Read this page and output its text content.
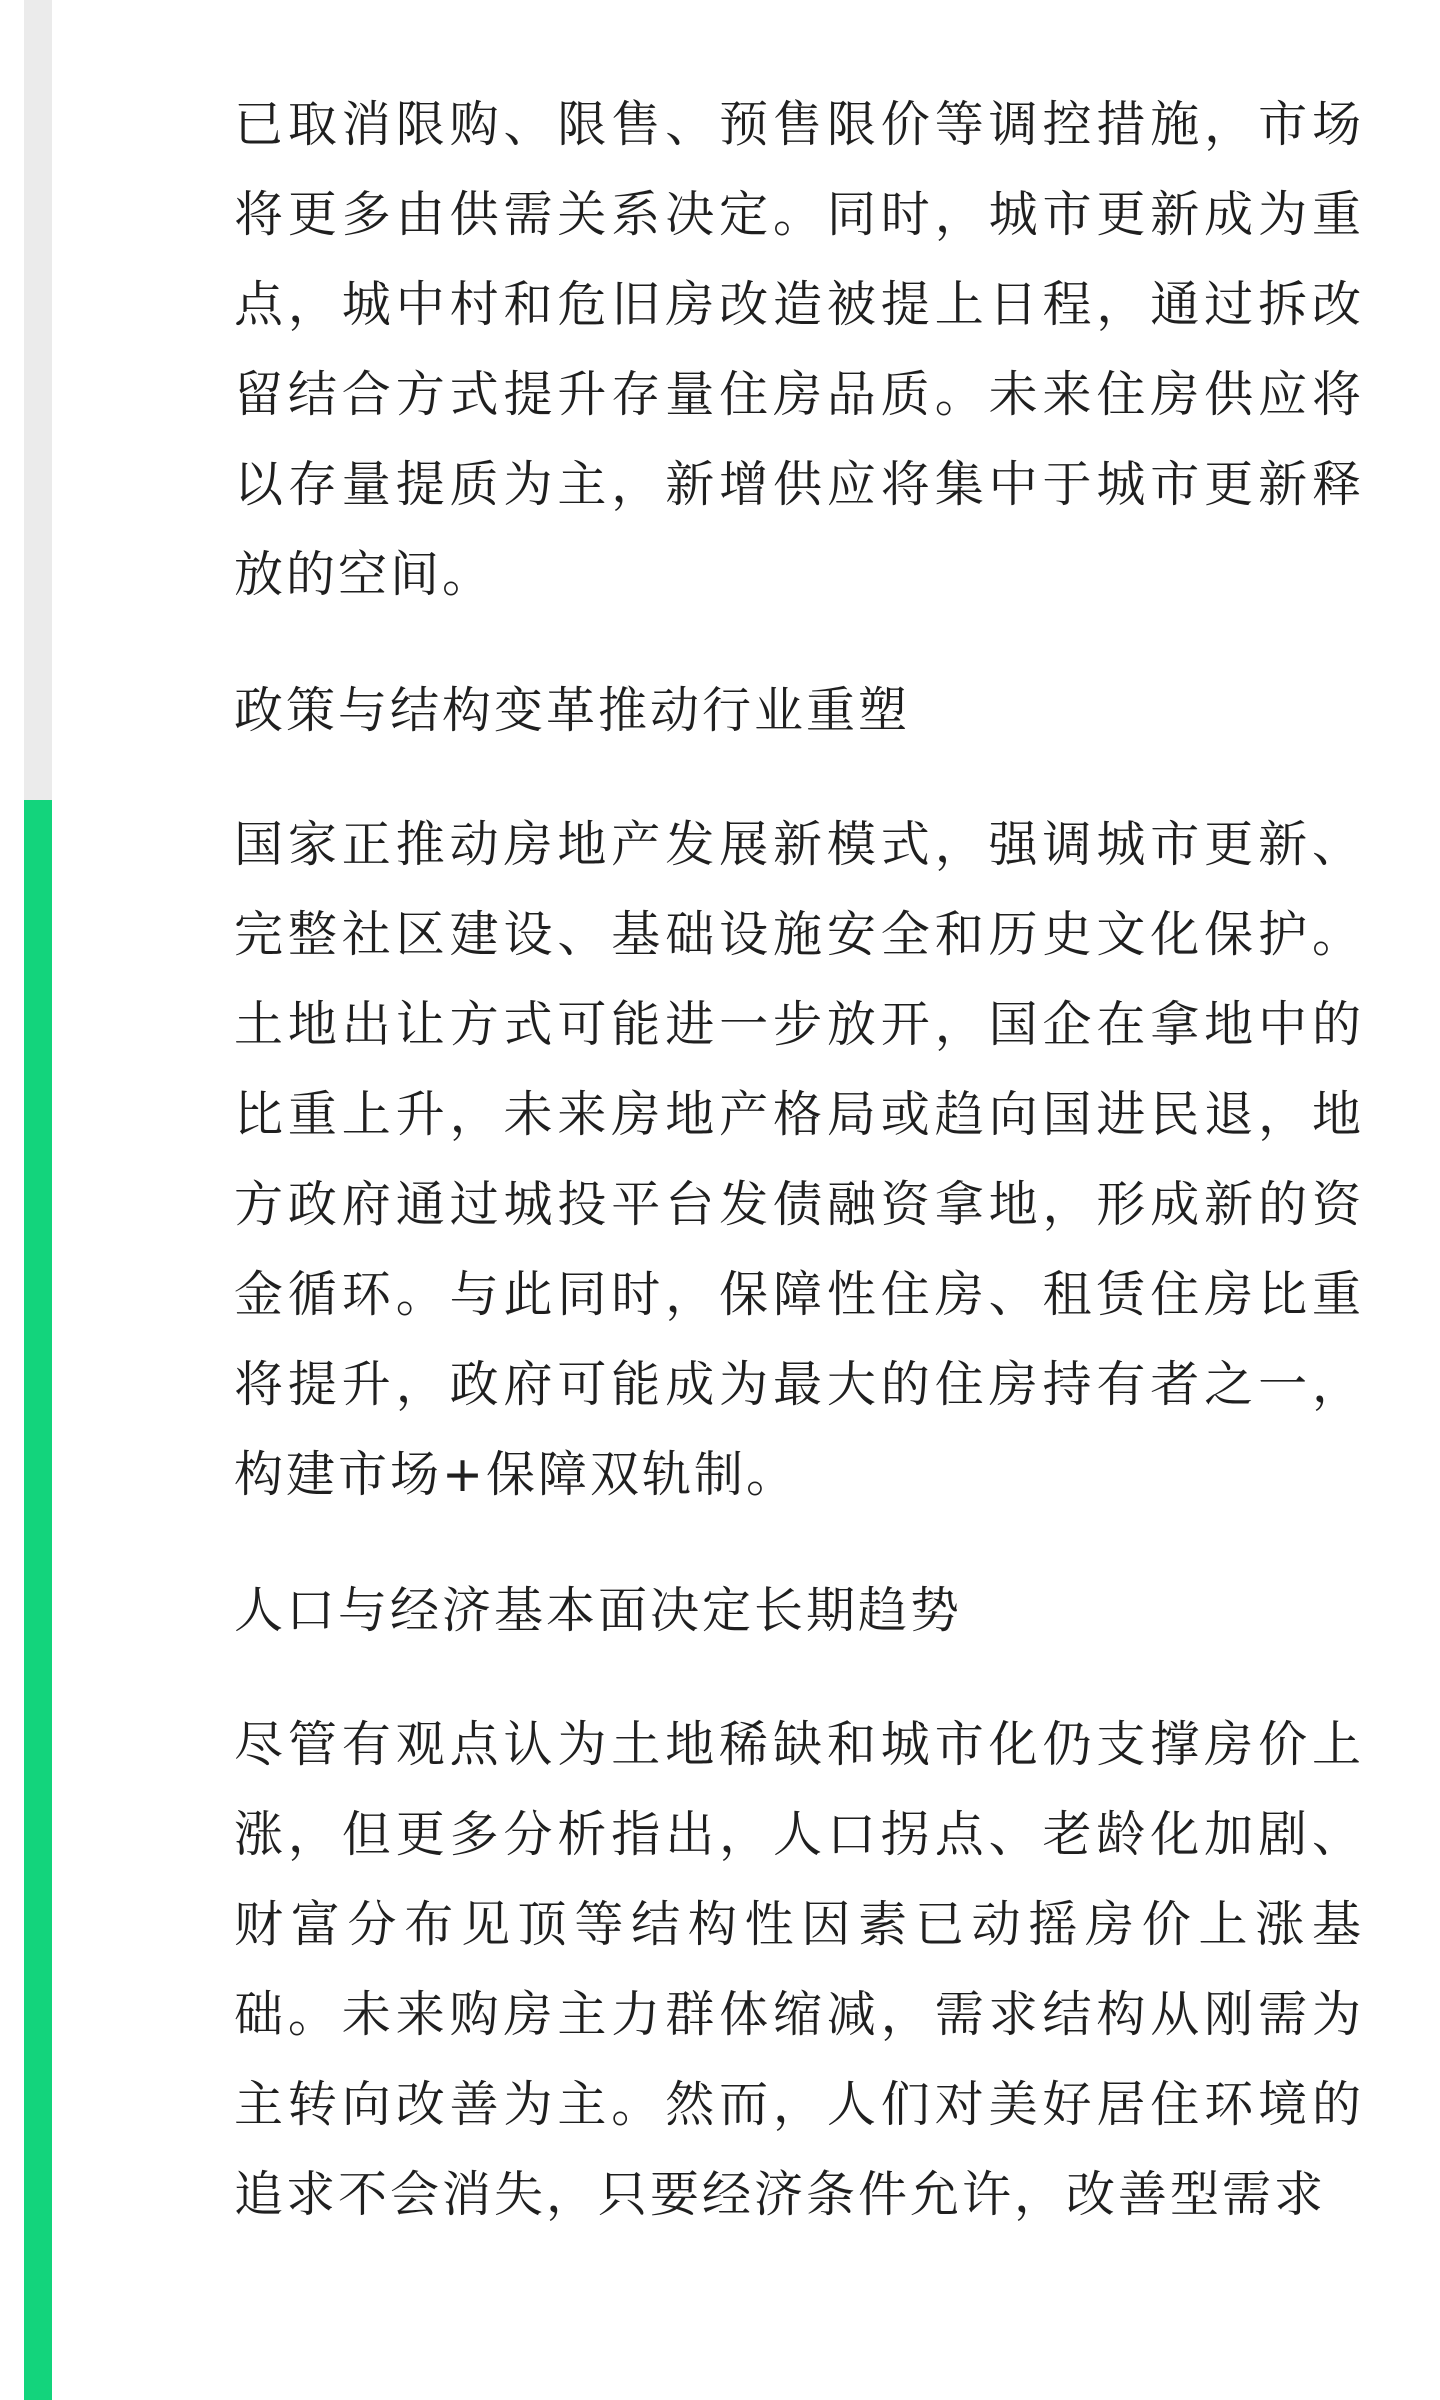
已取消限购、限售、预售限价等调控措施，市场将更多由供需关系决定。同时，城市更新成为重点，城中村和危旧房改造被提上日程，通过拆改留结合方式提升存量住房品质。未来住房供应将以存量提质为主，新增供应将集中于城市更新释放的空间。

政策与结构变革推动行业重塑

国家正推动房地产发展新模式，强调城市更新、完整社区建设、基础设施安全和历史文化保护。土地出让方式可能进一步放开，国企在拿地中的比重上升，未来房地产格局或趋向国进民退，地方政府通过城投平台发债融资拿地，形成新的资金循环。与此同时，保障性住房、租赁住房比重将提升，政府可能成为最大的住房持有者之一，构建市场+保障双轨制。

人口与经济基本面决定长期趋势

尽管有观点认为土地稀缺和城市化仍支撑房价上涨，但更多分析指出，人口拐点、老龄化加剧、财富分布见顶等结构性因素已动摇房价上涨基础。未来购房主力群体缩减，需求结构从刚需为主转向改善为主。然而，人们对美好居住环境的追求不会消失，只要经济条件允许，改善型需求
